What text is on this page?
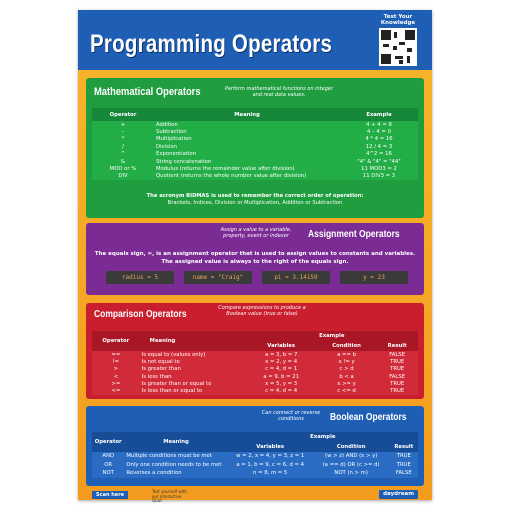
Programming Operators
Test Your Knowledge
Mathematical Operators	Perform mathematical functions on integer and real data values.
Operator	Meaning	Example
+	Addition	4 + 4 = 8
–	Subtraction	4 – 4 = 0
*	Multiplication	4 * 4 = 16
/	Division	12 / 4 = 3
^	Exponentiation	4^2 = 16
&	String concatenation	"4" & "4" = "44"
MOD or %	Modulus (returns the remainder value after division)	11 MOD3 = 2
DIV	Quotient (returns the whole number value after division)	11 DIV3 = 3
The acronym BIDMAS is used to remember the correct order of operation:
Brackets, Indices, Division or Multiplication, Addition or Subtraction
Assign a value to a variable, property, event or indexer	Assignment Operators
The equals sign, =, is an assignment operator that is used to assign values to constants and variables. The assigned value is always to the right of the equals sign.
radius = 5	name = "Craig"	pi = 3.14159	y = 23
Comparison Operators
Compare expressions to produce a Boolean value (true or false)
Operator	Meaning	Example		
		Variables	Condition	Result
==	Is equal to (values only)	a = 3, b = 7	a == b	FALSE
!=	Is not equal to	x = 2, y = 4	x != y	TRUE
>	Is greater than	c = 4, d = 1	c > d	TRUE
<	Is less than	a = 9, b = 21	b < a	FALSE
>=	Is greater than or equal to	x = 5, y = 3	x >= y	TRUE
<=	Is less than or equal to	c = 4, d = 4	c <= d	TRUE
Can connect or reverse conditions	Boolean Operators
Operator	Meaning	Example		
		Variables	Condition	Result
AND	Multiple conditions must be met	w = 2, x = 4, y = 3, z = 1	(w > z) AND (x > y)	TRUE
OR	Only one condition needs to be met	a = 1, b = 9, c = 6, d = 4	(a == d) OR (c >= d)	TRUE
NOT	Reverses a condition	n = 8, m = 5	NOT (n > m)	FALSE
Scan here
Test yourself with our interactive Quiz!
daydream
